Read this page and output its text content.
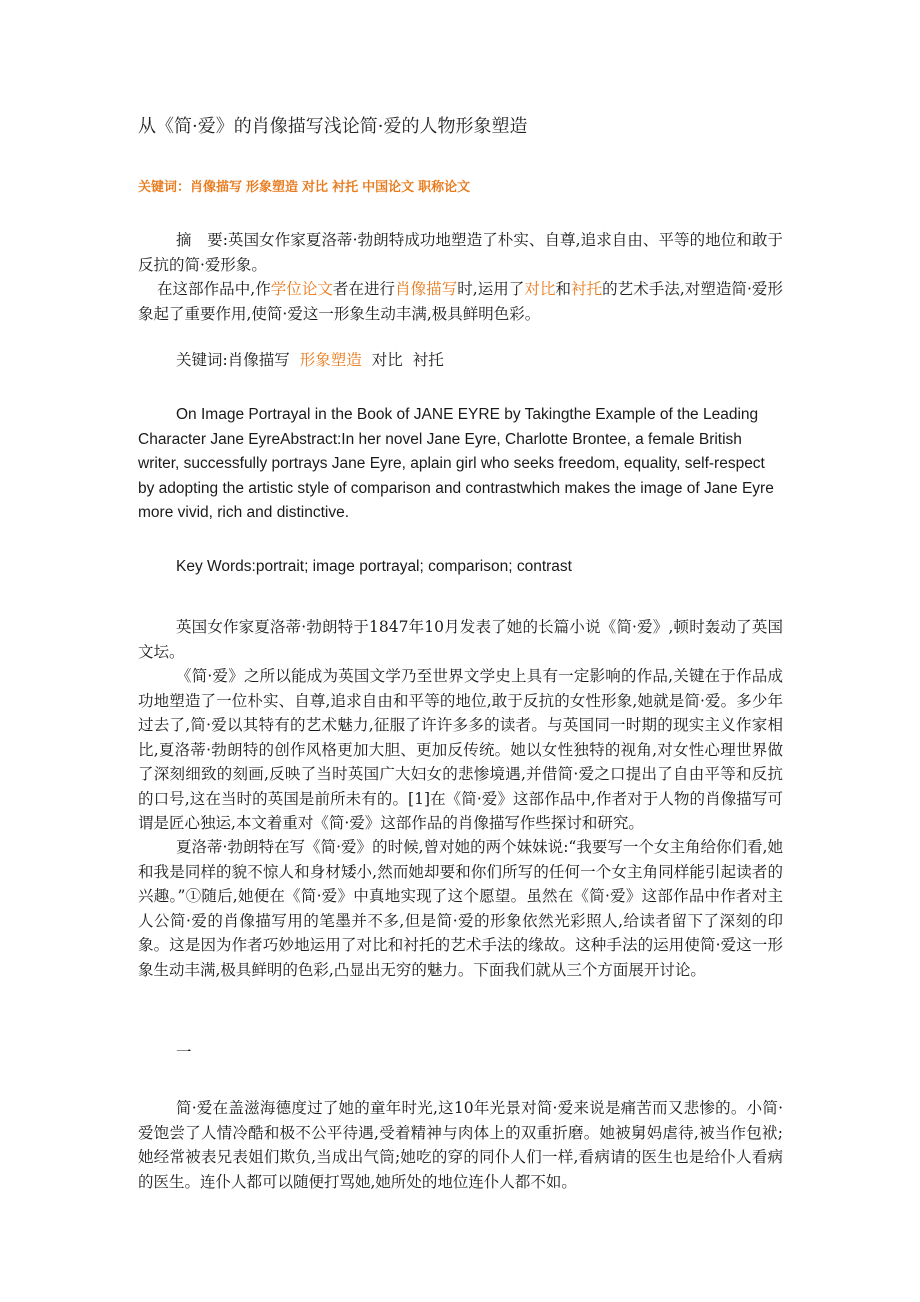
从《简·爱》的肖像描写浅论简·爱的人物形象塑造
关键词：肖像描写 形象塑造 对比 衬托 中国论文 职称论文
摘　要:英国女作家夏洛蒂·勃朗特成功地塑造了朴实、自尊,追求自由、平等的地位和敢于反抗的简·爱形象。
在这部作品中,作学位论文者在进行肖像描写时,运用了对比和衬托的艺术手法,对塑造简·爱形象起了重要作用,使简·爱这一形象生动丰满,极具鲜明色彩。
关键词:肖像描写 形象塑造 对比 衬托
On Image Portrayal in the Book of JANE EYRE by Takingthe Example of the Leading Character Jane EyreAbstract:In her novel Jane Eyre, Charlotte Brontee, a female British writer, successfully portrays Jane Eyre, aplain girl who seeks freedom, equality, self-respect by adopting the artistic style of comparison and contrastwhich makes the image of Jane Eyre more vivid, rich and distinctive.
Key Words:portrait; image portrayal; comparison; contrast
英国女作家夏洛蒂·勃朗特于1847年10月发表了她的长篇小说《简·爱》,顿时轰动了英国文坛。
《简·爱》之所以能成为英国文学乃至世界文学史上具有一定影响的作品,关键在于作品成功地塑造了一位朴实、自尊,追求自由和平等的地位,敢于反抗的女性形象,她就是简·爱。多少年过去了,简·爱以其特有的艺术魅力,征服了许许多多的读者。与英国同一时期的现实主义作家相比,夏洛蒂·勃朗特的创作风格更加大胆、更加反传统。她以女性独特的视角,对女性心理世界做了深刻细致的刻画,反映了当时英国广大妇女的悲惨境遇,并借简·爱之口提出了自由平等和反抗的口号,这在当时的英国是前所未有的。[1]在《简·爱》这部作品中,作者对于人物的肖像描写可谓是匠心独运,本文着重对《简·爱》这部作品的肖像描写作些探讨和研究。
夏洛蒂·勃朗特在写《简·爱》的时候,曾对她的两个妹妹说:“我要写一个女主角给你们看,她和我是同样的貌不惊人和身材矮小,然而她却要和你们所写的任何一个女主角同样能引起读者的兴趣。”①随后,她便在《简·爱》中真地实现了这个愿望。虽然在《简·爱》这部作品中作者对主人公简·爱的肖像描写用的笔墨并不多,但是简·爱的形象依然光彩照人,给读者留下了深刻的印象。这是因为作者巧妙地运用了对比和衬托的艺术手法的缘故。这种手法的运用使简·爱这一形象生动丰满,极具鲜明的色彩,凸显出无穷的魅力。下面我们就从三个方面展开讨论。
一
简·爱在盖滋海德度过了她的童年时光,这10年光景对简·爱来说是痛苦而又悲惨的。小简·爱饱尝了人情冷酷和极不公平待遇,受着精神与肉体上的双重折磨。她被舅妈虐待,被当作包袱;她经常被表兄表姐们欺负,当成出气筒;她吃的穿的同仆人们一样,看病请的医生也是给仆人看病的医生。连仆人都可以随便打骂她,她所处的地位连仆人都不如。
